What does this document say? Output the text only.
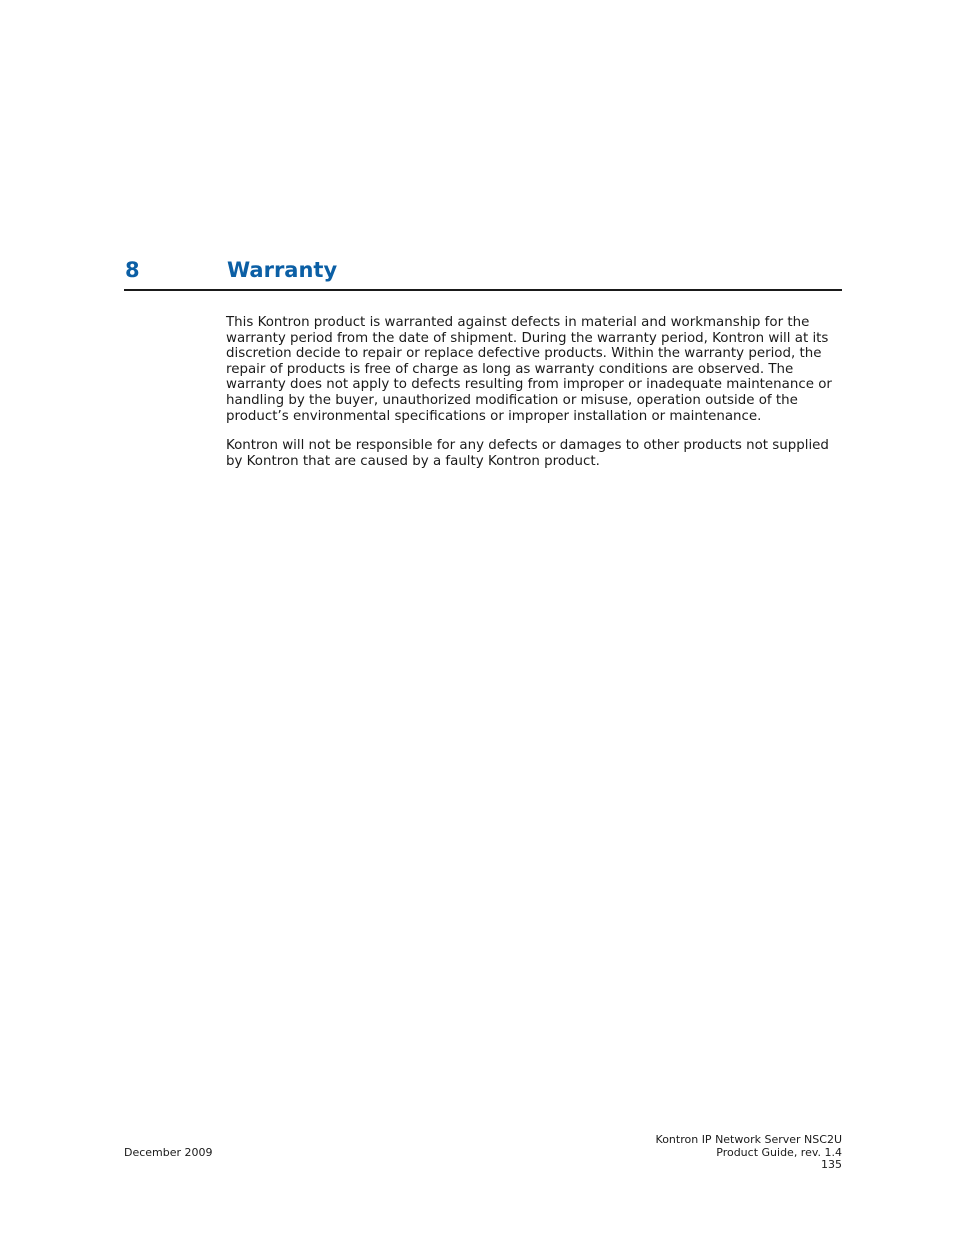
8	Warranty

This Kontron product is warranted against defects in material and workmanship for the warranty period from the date of shipment. During the warranty period, Kontron will at its discretion decide to repair or replace defective products. Within the warranty period, the repair of products is free of charge as long as warranty conditions are observed. The warranty does not apply to defects resulting from improper or inadequate maintenance or handling by the buyer, unauthorized modification or misuse, operation outside of the product’s environmental specifications or improper installation or maintenance.

Kontron will not be responsible for any defects or damages to other products not supplied by Kontron that are caused by a faulty Kontron product.

December 2009
Kontron IP Network Server NSC2U
Product Guide, rev. 1.4
135
